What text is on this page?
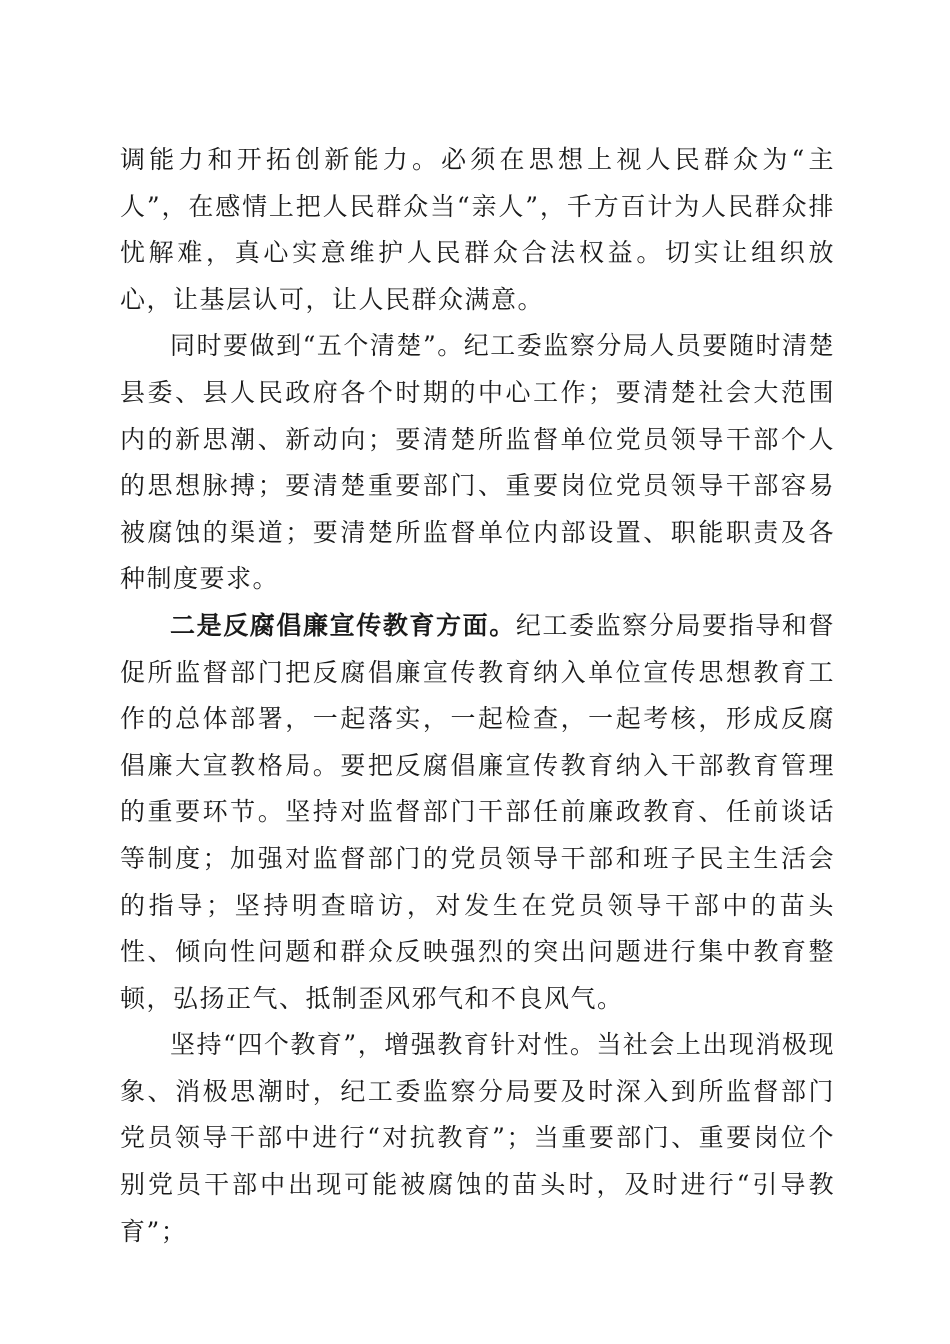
调能力和开拓创新能力。必须在思想上视人民群众为“主人”，在感情上把人民群众当“亲人”，千方百计为人民群众排忧解难，真心实意维护人民群众合法权益。切实让组织放心，让基层认可，让人民群众满意。

同时要做到“五个清楚”。纪工委监察分局人员要随时清楚县委、县人民政府各个时期的中心工作；要清楚社会大范围内的新思潮、新动向；要清楚所监督单位党员领导干部个人的思想脉搏；要清楚重要部门、重要岗位党员领导干部容易被腐蚀的渠道；要清楚所监督单位内部设置、职能职责及各种制度要求。

二是反腐倡廉宣传教育方面。纪工委监察分局要指导和督促所监督部门把反腐倡廉宣传教育纳入单位宣传思想教育工作的总体部署，一起落实，一起检查，一起考核，形成反腐倡廉大宣教格局。要把反腐倡廉宣传教育纳入干部教育管理的重要环节。坚持对监督部门干部任前廉政教育、任前谈话等制度；加强对监督部门的党员领导干部和班子民主生活会的指导；坚持明查暗访，对发生在党员领导干部中的苗头性、倾向性问题和群众反映强烈的突出问题进行集中教育整顿，弘扬正气、抵制歪风邪气和不良风气。

坚持“四个教育”，增强教育针对性。当社会上出现消极现象、消极思潮时，纪工委监察分局要及时深入到所监督部门党员领导干部中进行“对抗教育”；当重要部门、重要岗位个别党员干部中出现可能被腐蚀的苗头时，及时进行“引导教育”；
